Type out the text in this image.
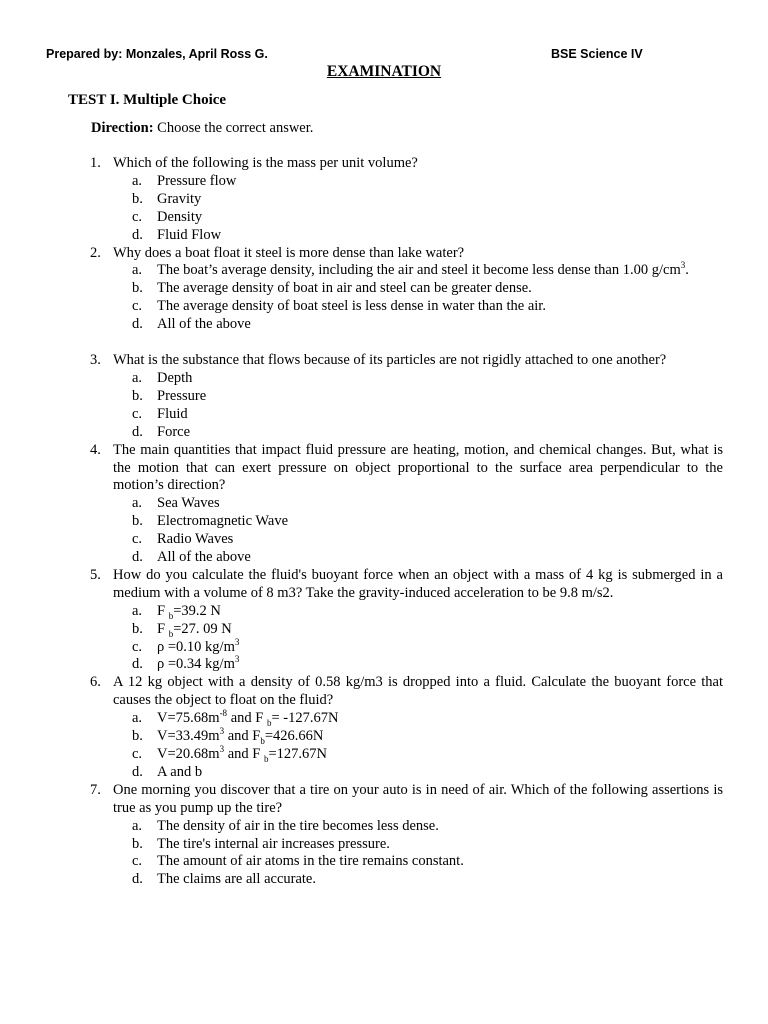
Prepared by: Monzales, April Ross G.	BSE Science IV
EXAMINATION
TEST I. Multiple Choice
Direction: Choose the correct answer.
1. Which of the following is the mass per unit volume?
a. Pressure flow
b. Gravity
c. Density
d. Fluid Flow
2. Why does a boat float it steel is more dense than lake water?
a. The boat’s average density, including the air and steel it become less dense than 1.00 $g/cm^3$.
b. The average density of boat in air and steel can be greater dense.
c. The average density of boat steel is less dense in water than the air.
d. All of the above
3. What is the substance that flows because of its particles are not rigidly attached to one another?
a. Depth
b. Pressure
c. Fluid
d. Force
4. The main quantities that impact fluid pressure are heating, motion, and chemical changes. But, what is the motion that can exert pressure on object proportional to the surface area perpendicular to the motion’s direction?
a. Sea Waves
b. Electromagnetic Wave
c. Radio Waves
d. All of the above
5. How do you calculate the fluid's buoyant force when an object with a mass of 4 kg is submerged in a medium with a volume of 8 m3? Take the gravity-induced acceleration to be 9.8 m/s2.
a. F $_b$=39.2 N
b. F $_b$=27. 09 N
c. ρ =0.10 $kg/m^3$
d. ρ =0.34 $kg/m^3$
6. A 12 kg object with a density of 0.58 kg/m3 is dropped into a fluid. Calculate the buoyant force that causes the object to float on the fluid?
a. $V=75.68m^{-8}$ and F $_b$= -127.67N
b. $V=33.49m^3$ and $F_b=426.66N$
c. $V=20.68m^3$ and F $_b$=127.67N
d. A and b
7. One morning you discover that a tire on your auto is in need of air. Which of the following assertions is true as you pump up the tire?
a. The density of air in the tire becomes less dense.
b. The tire's internal air increases pressure.
c. The amount of air atoms in the tire remains constant.
d. The claims are all accurate.
